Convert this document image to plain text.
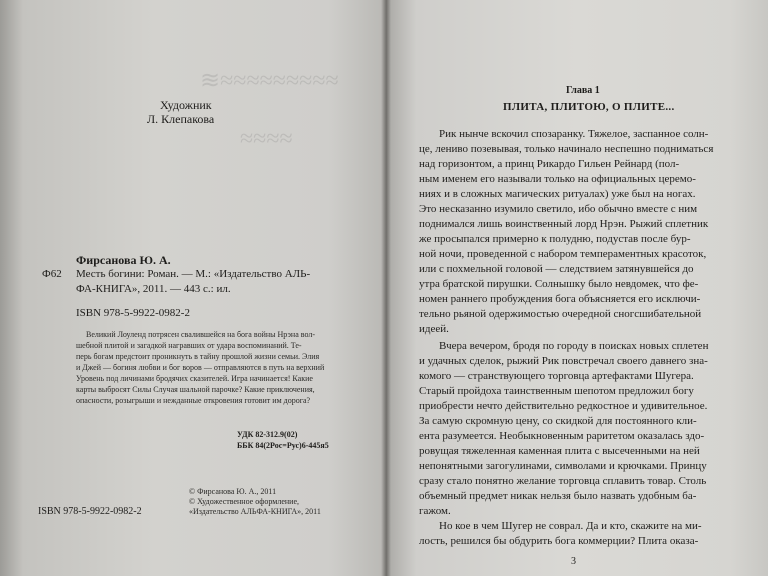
≋≈≈≈≈≈≈≈≈≈
≈≈≈≈
Художник
Л. Клепакова
Фирсанова Ю. А.
Ф62 Месть богини: Роман. — М.: «Издательство АЛЬ-
ФА-КНИГА», 2011. — 443 с.: ил.
ISBN 978-5-9922-0982-2
Великий Лоуленд потрясен свалившейся на бога войны Нрэна вол-
шебной плитой и загадкой награвших от удара воспоминаний. Те-
перь богам предстоит проникнуть в тайну прошлой жизни семьи. Элия
и Джей — богиня любви и бог воров — отправляются в путь на верхний
Уровень под личинами бродячих сказителей. Игра начинается! Какие
карты выбросят Силы Случая шальной парочке? Какие приключения,
опасности, розыгрыши и нежданные откровения готовит им дорога?
УДК 82-312.9(02)
ББК 84(2Рос=Рус)6-445я5
ISBN 978-5-9922-0982-2
© Фирсанова Ю. А., 2011
© Художественное оформление,
«Издательство АЛЬФА-КНИГА», 2011
Глава 1
ПЛИТА, ПЛИТОЮ, О ПЛИТЕ...
Рик нынче вскочил спозаранку. Тяжелое, заспанное солн-
це, лениво позевывая, только начинало неспешно подниматься
над горизонтом, а принц Рикардо Гильен Рейнард (пол-
ным именем его называли только на официальных церемо-
ниях и в сложных магических ритуалах) уже был на ногах.
Это несказанно изумило светило, ибо обычно вместе с ним
поднимался лишь воинственный лорд Нрэн. Рыжий сплетник
же просыпался примерно к полудню, подустав после бур-
ной ночи, проведенной с набором темпераментных красоток,
или с похмельной головой — следствием затянувшейся до
утра братской пирушки. Солнышку было невдомек, что фе-
номен раннего пробуждения бога объясняется его исключи-
тельно рьяной одержимостью очередной сногсшибательной
идеей.
Вчера вечером, бродя по городу в поисках новых сплетен
и удачных сделок, рыжий Рик повстречал своего давнего зна-
комого — странствующего торговца артефактами Шугера.
Старый пройдоха таинственным шепотом предложил богу
приобрести нечто действительно редкостное и удивительное.
За самую скромную цену, со скидкой для постоянного кли-
ента разумеется. Необыкновенным раритетом оказалась здо-
ровущая тяжеленная каменная плита с высеченными на ней
непонятными загогулинами, символами и крючками. Принцу
сразу стало понятно желание торговца сплавить товар. Столь
объемный предмет никак нельзя было назвать удобным ба-
гажом.
Но кое в чем Шугер не соврал. Да и кто, скажите на ми-
лость, решился бы обдурить бога коммерции? Плита оказа-
3
